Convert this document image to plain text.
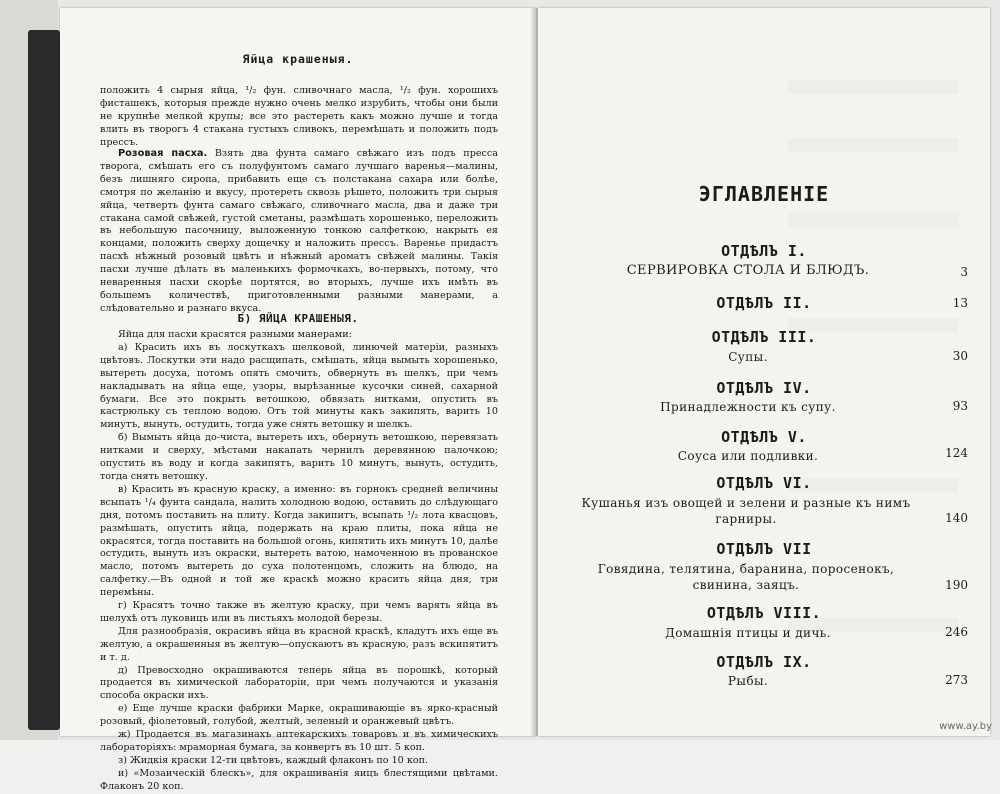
Яйца крашеныя.

положить 4 сырыя яйца, ¹/₂ фун. сливочнаго масла, ¹/₂ фун. хорошихъ фисташекъ, которыя прежде нужно очень мелко изрубить, чтобы они были не крупнѣе мелкой крупы; все это растереть какъ можно лучше и тогда влить въ творогъ 4 стакана густыхъ сливокъ, перемѣшать и положить подъ прессъ.

Розовая пасха. Взять два фунта самаго свѣжаго изъ подъ пресса творога, смѣшать его съ полуфунтомъ самаго лучшаго варенья—малины, безъ лишняго сиропа, прибавить еще съ полстакана сахара или болѣе, смотря по желанію и вкусу, протереть сквозь рѣшето, положить три сырыя яйца, четверть фунта самаго свѣжаго, сливочнаго масла, два и даже три стакана самой свѣжей, густой сметаны, размѣшать хорошенько, переложить въ небольшую пасочницу, выложенную тонкою салфеткою, накрыть ея концами, положить сверху дощечку и наложить прессъ. Варенье придастъ пасхѣ нѣжный розовый цвѣтъ и нѣжный ароматъ свѣжей малины. Такія пасхи лучше дѣлать въ маленькихъ формочкахъ, во-первыхъ, потому, что неваренныя пасхи скорѣе портятся, во вторыхъ, лучше ихъ имѣть въ большемъ количествѣ, приготовленными разными манерами, а слѣдовательно и разнаго вкуса.

Б) ЯЙЦА КРАШЕНЫЯ.

Яйца для пасхи красятся разными манерами:

а) Красить ихъ въ лоскуткахъ шелковой, линючей матеріи, разныхъ цвѣтовъ. Лоскутки эти надо расщипать, смѣшать, яйца вымыть хорошенько, вытереть досуха, потомъ опять смочить, обвернуть въ шелкъ, при чемъ накладывать на яйца еще, узоры, вырѣзанные кусочки синей, сахарной бумаги. Все это покрыть ветошкою, обвязать нитками, опустить въ кастрюльку съ теплою водою. Отъ той минуты какъ закипять, варить 10 минутъ, вынуть, остудить, тогда уже снять ветошку и шелкъ.

б) Вымыть яйца до-чиста, вытереть ихъ, обернуть ветошкою, перевязать нитками и сверху, мѣстами накапать чернилъ деревянною палочкою; опустить въ воду и когда закипятъ, варить 10 минутъ, вынуть, остудить, тогда снять ветошку.

в) Красить въ красную краску, а именно: въ горнокъ средней величины всыпать ¹/₄ фунта сандала, налить холодною водою, оставить до слѣдующаго дня, потомъ поставить на плиту. Когда закипитъ, всыпать ¹/₂ лота квасцовъ, размѣшать, опустить яйца, подержать на краю плиты, пока яйца не окрасятся, тогда поставить на большой огонь, кипятить ихъ минутъ 10, далѣе остудить, вынуть изъ окраски, вытереть ватою, намоченною въ прованское масло, потомъ вытереть до суха полотенцомъ, сложить на блюдо, на салфетку.—Въ одной и той же краскѣ можно красить яйца дня, три перемѣны.

г) Красятъ точно также въ желтую краску, при чемъ варять яйца въ шелухѣ отъ луковицъ или въ листьяхъ молодой березы.

Для разнообразія, окрасивъ яйца въ красной краскѣ, кладутъ ихъ еще въ желтую, а окрашенныя въ желтую—опускаютъ въ красную, разъ вскипятитъ и т. д.

д) Превосходно окрашиваются теперь яйца въ порошкѣ, который продается въ химической лабораторіи, при чемъ получаются и указанія способа окраски ихъ.

е) Еще лучше краски фабрики Марке, окрашивающіе въ ярко-красный розовый, фіолетовый, голубой, желтый, зеленый и оранжевый цвѣтъ.

ж) Продается въ магазинахъ аптекарскихъ товаровъ и въ химическихъ лабораторіяхъ: мраморная бумага, за конвертъ въ 10 шт. 5 коп.

з) Жидкія краски 12-ти цвѣтовъ, каждый флаконъ по 10 коп.

и) «Мозаическій блескъ», для окрашиванія яицъ блестящими цвѣтами. Флаконъ 20 коп.

ЭГЛАВЛЕНІЕ
ОТДѢЛЪ I.
СЕРВИРОВКА СТОЛА И БЛЮДЪ.	3
ОТДѢЛЪ II.	13
ОТДѢЛЪ III.
Супы.	30
ОТДѢЛЪ IV.
Принадлежности къ супу.	93
ОТДѢЛЪ V.
Соуса или подливки.	124
ОТДѢЛЪ VI.
Кушанья изъ овощей и зелени и разные къ нимъ гарниры.	140
ОТДѢЛЪ VII
Говядина, телятина, баранина, поросенокъ, свинина, заяцъ.	190
ОТДѢЛЪ VIII.
Домашнія птицы и дичь.	246
ОТДѢЛЪ IX.
Рыбы.	273
www.ay.by
